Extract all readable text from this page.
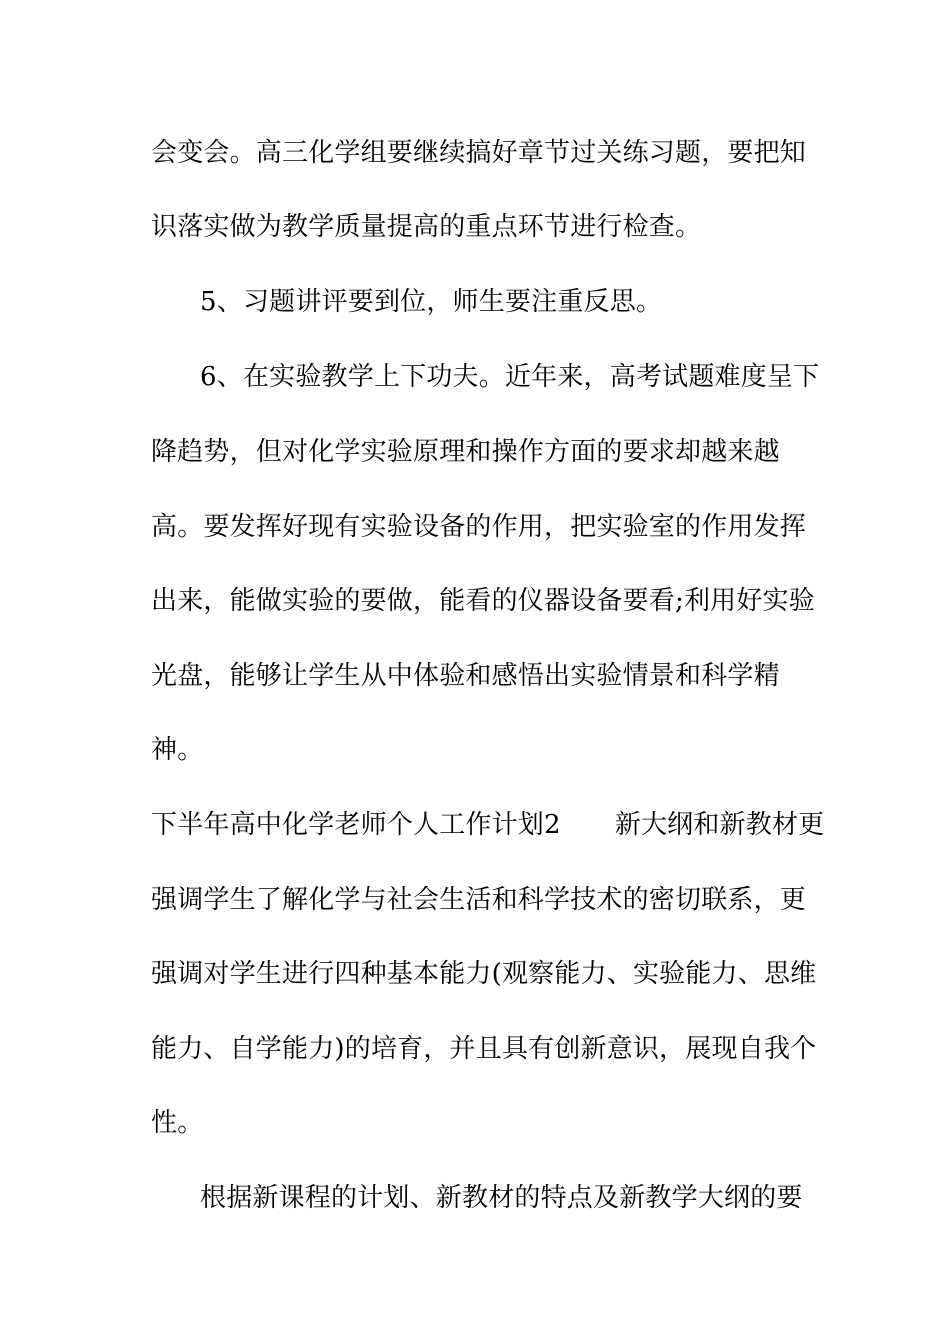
会变会。高三化学组要继续搞好章节过关练习题，要把知
识落实做为教学质量提高的重点环节进行检查。
5、习题讲评要到位，师生要注重反思。
6、在实验教学上下功夫。近年来，高考试题难度呈下
降趋势，但对化学实验原理和操作方面的要求却越来越
高。要发挥好现有实验设备的作用，把实验室的作用发挥
出来，能做实验的要做，能看的仪器设备要看;利用好实验
光盘，能够让学生从中体验和感悟出实验情景和科学精
神。
下半年高中化学老师个人工作计划2 新大纲和新教材更
强调学生了解化学与社会生活和科学技术的密切联系，更
强调对学生进行四种基本能力(观察能力、实验能力、思维
能力、自学能力)的培育，并且具有创新意识，展现自我个
性。
根据新课程的计划、新教材的特点及新教学大纲的要
